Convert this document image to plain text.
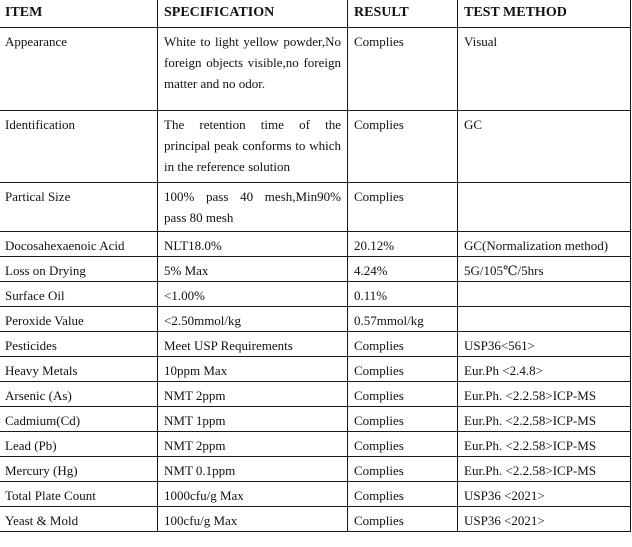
ITEM	SPECIFICATION	RESULT	TEST METHOD
Appearance	White to light yellow powder,No foreign objects visible,no foreign matter and no odor.	Complies	Visual
Identification	The retention time of the principal peak conforms to which in the reference solution	Complies	GC
Partical Size	100% pass 40 mesh,Min90% pass 80 mesh	Complies	
Docosahexaenoic Acid	NLT18.0%	20.12%	GC(Normalization method)
Loss on Drying	5% Max	4.24%	5G/105℃/5hrs
Surface Oil	<1.00%	0.11%	
Peroxide Value	<2.50mmol/kg	0.57mmol/kg	
Pesticides	Meet USP Requirements	Complies	USP36<561>
Heavy Metals	10ppm Max	Complies	Eur.Ph <2.4.8>
Arsenic (As)	NMT 2ppm	Complies	Eur.Ph. <2.2.58>ICP-MS
Cadmium(Cd)	NMT 1ppm	Complies	Eur.Ph. <2.2.58>ICP-MS
Lead (Pb)	NMT 2ppm	Complies	Eur.Ph. <2.2.58>ICP-MS
Mercury (Hg)	NMT 0.1ppm	Complies	Eur.Ph. <2.2.58>ICP-MS
Total Plate Count	1000cfu/g Max	Complies	USP36 <2021>
Yeast & Mold	100cfu/g Max	Complies	USP36 <2021>
